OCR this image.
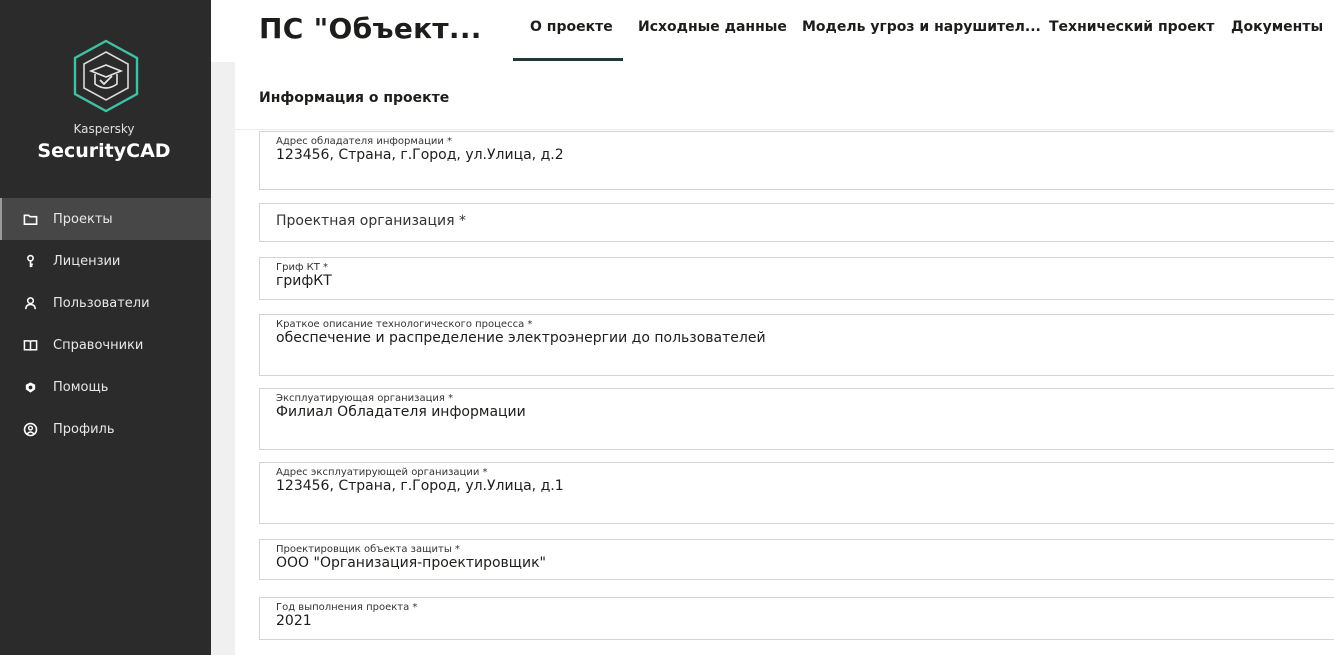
Kaspersky
SecurityCAD
Проекты
Лицензии
Пользователи
Справочники
Помощь
Профиль
ПС "Объект...	О проекте Исходные данные Модель угроз и нарушител... Технический проект Документы
Информация о проекте
Адрес обладателя информации *
123456, Страна, г.Город, ул.Улица, д.2
Проектная организация *
Гриф КТ *
грифКТ
Краткое описание технологического процесса *
обеспечение и распределение электроэнергии до пользователей
Эксплуатирующая организация *
Филиал Обладателя информации
Адрес эксплуатирующей организации *
123456, Страна, г.Город, ул.Улица, д.1
Проектировщик объекта защиты *
ООО "Организация-проектировщик"
Год выполнения проекта *
2021
